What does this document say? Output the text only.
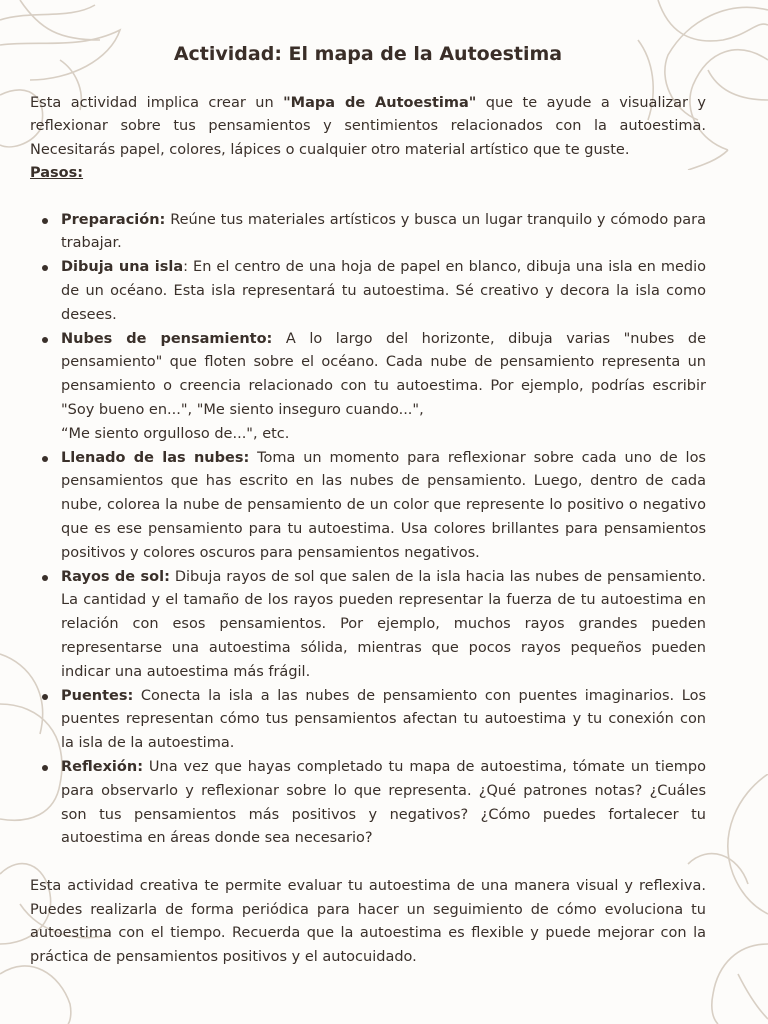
Actividad: El mapa de la Autoestima

Esta actividad implica crear un "Mapa de Autoestima" que te ayude a visualizar y reflexionar sobre tus pensamientos y sentimientos relacionados con la autoestima. Necesitarás papel, colores, lápices o cualquier otro material artístico que te guste.

Pasos:
Preparación: Reúne tus materiales artísticos y busca un lugar tranquilo y cómodo para trabajar.
Dibuja una isla: En el centro de una hoja de papel en blanco, dibuja una isla en medio de un océano. Esta isla representará tu autoestima. Sé creativo y decora la isla como desees.
Nubes de pensamiento: A lo largo del horizonte, dibuja varias "nubes de pensamiento" que floten sobre el océano. Cada nube de pensamiento representa un pensamiento o creencia relacionado con tu autoestima. Por ejemplo, podrías escribir "Soy bueno en...", "Me siento inseguro cuando...",
“Me siento orgulloso de...", etc.
Llenado de las nubes: Toma un momento para reflexionar sobre cada uno de los pensamientos que has escrito en las nubes de pensamiento. Luego, dentro de cada nube, colorea la nube de pensamiento de un color que represente lo positivo o negativo que es ese pensamiento para tu autoestima. Usa colores brillantes para pensamientos positivos y colores oscuros para pensamientos negativos.
Rayos de sol: Dibuja rayos de sol que salen de la isla hacia las nubes de pensamiento. La cantidad y el tamaño de los rayos pueden representar la fuerza de tu autoestima en relación con esos pensamientos. Por ejemplo, muchos rayos grandes pueden representarse una autoestima sólida, mientras que pocos rayos pequeños pueden indicar una autoestima más frágil.
Puentes: Conecta la isla a las nubes de pensamiento con puentes imaginarios. Los puentes representan cómo tus pensamientos afectan tu autoestima y tu conexión con la isla de la autoestima.
Reflexión: Una vez que hayas completado tu mapa de autoestima, tómate un tiempo para observarlo y reflexionar sobre lo que representa. ¿Qué patrones notas? ¿Cuáles son tus pensamientos más positivos y negativos? ¿Cómo puedes fortalecer tu autoestima en áreas donde sea necesario?

Esta actividad creativa te permite evaluar tu autoestima de una manera visual y reflexiva. Puedes realizarla de forma periódica para hacer un seguimiento de cómo evoluciona tu autoestima con el tiempo. Recuerda que la autoestima es flexible y puede mejorar con la práctica de pensamientos positivos y el autocuidado.
